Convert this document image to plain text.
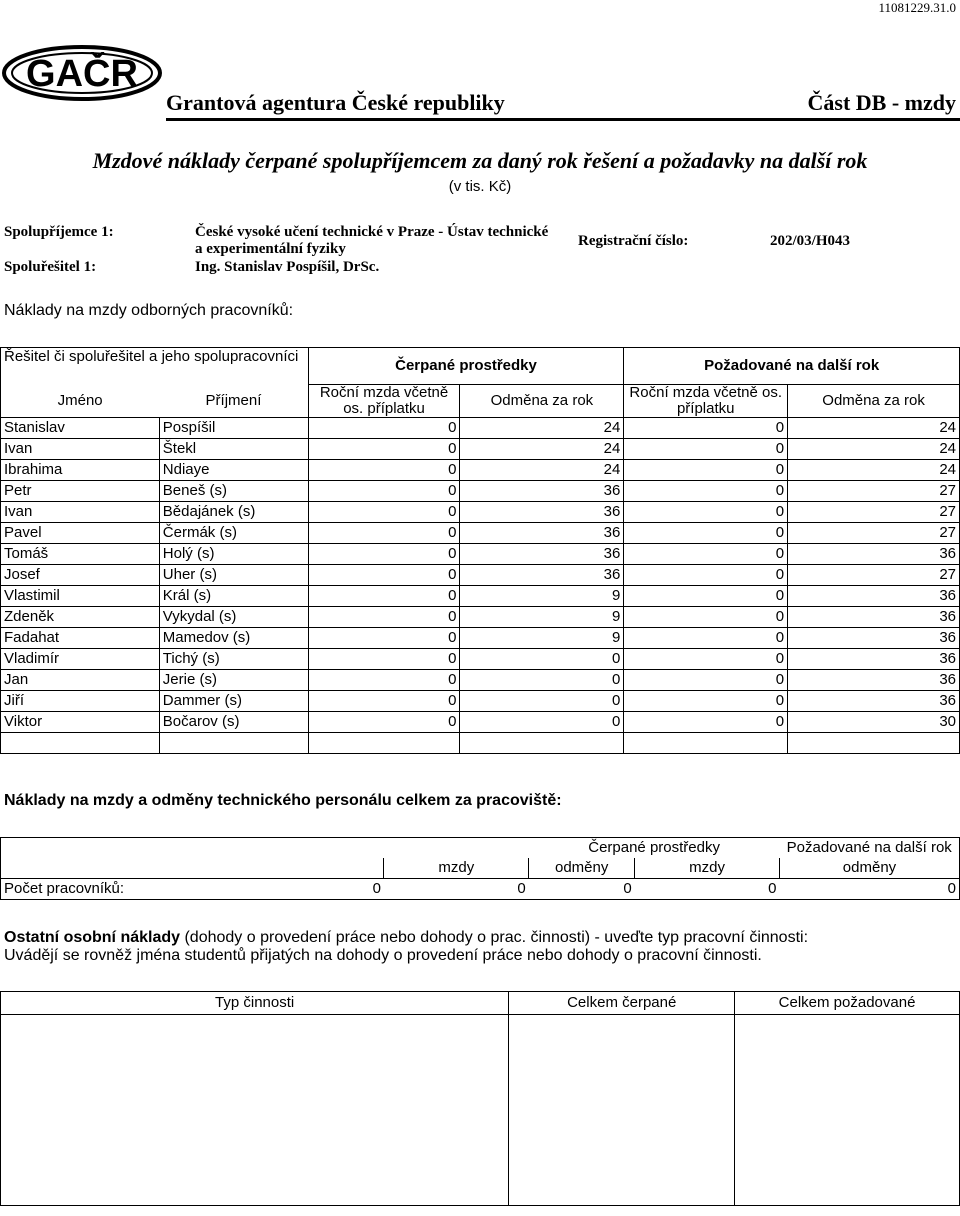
11081229.31.0
GAČR
Grantová agentura České republiky	Část DB - mzdy
Mzdové náklady čerpané spolupříjemcem za daný rok řešení a požadavky na další rok
(v tis. Kč)
Spolupříjemce 1:	České vysoké učení technické v Praze - Ústav technické
a experimentální fyziky
Spoluřešitel 1:	Ing. Stanislav Pospíšil, DrSc.
Registrační číslo:	202/03/H043
Náklady na mzdy odborných pracovníků:
Řešitel či spoluřešitel a jeho spolupracovníci		Čerpané prostředky		Požadované na další rok	
		Roční mzda včetně os. příplatku	Odměna za rok	Roční mzda včetně os. příplatku	Odměna za rok
Jméno	Příjmení				
Stanislav	Pospíšil	0	24	0	24
Ivan	Štekl	0	24	0	24
Ibrahima	Ndiaye	0	24	0	24
Petr	Beneš (s)	0	36	0	27
Ivan	Bědajánek (s)	0	36	0	27
Pavel	Čermák (s)	0	36	0	27
Tomáš	Holý (s)	0	36	0	36
Josef	Uher (s)	0	36	0	27
Vlastimil	Král (s)	0	9	0	36
Zdeněk	Vykydal (s)	0	9	0	36
Fadahat	Mamedov (s)	0	9	0	36
Vladimír	Tichý (s)	0	0	0	36
Jan	Jerie (s)	0	0	0	36
Jiří	Dammer (s)	0	0	0	36
Viktor	Bočarov (s)	0	0	0	30

Náklady na mzdy a odměny technického personálu celkem za pracoviště:
		Čerpané prostředky		Požadované na další rok
	mzdy	odměny	mzdy	odměny
Počet pracovníků: 0	0	0	0	0
Ostatní osobní náklady (dohody o provedení práce nebo dohody o prac. činnosti) - uveďte typ pracovní činnosti:
Uvádějí se rovněž jména studentů přijatých na dohody o provedení práce nebo dohody o pracovní činnosti.
Typ činnosti	Celkem čerpané	Celkem požadované
